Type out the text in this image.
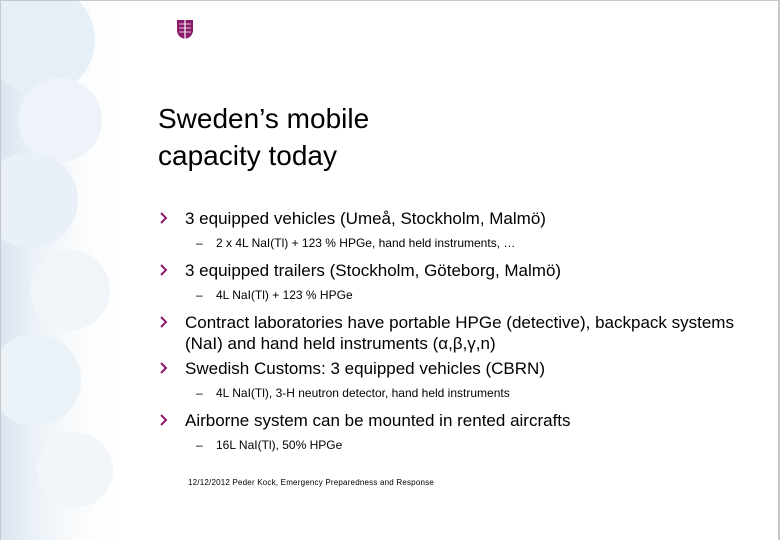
Sweden’s mobile
capacity today
3 equipped vehicles (Umeå, Stockholm, Malmö)
– 2 x 4L NaI(Tl) + 123 % HPGe, hand held instruments, …
3 equipped trailers (Stockholm, Göteborg, Malmö)
– 4L NaI(Tl) + 123 % HPGe
Contract laboratories have portable HPGe (detective), backpack systems (NaI) and hand held instruments (α,β,γ,n)
Swedish Customs: 3 equipped vehicles (CBRN)
– 4L NaI(Tl), 3-H neutron detector, hand held instruments
Airborne system can be mounted in rented aircrafts
– 16L NaI(Tl), 50% HPGe
12/12/2012 Peder Kock, Emergency Preparedness and Response
